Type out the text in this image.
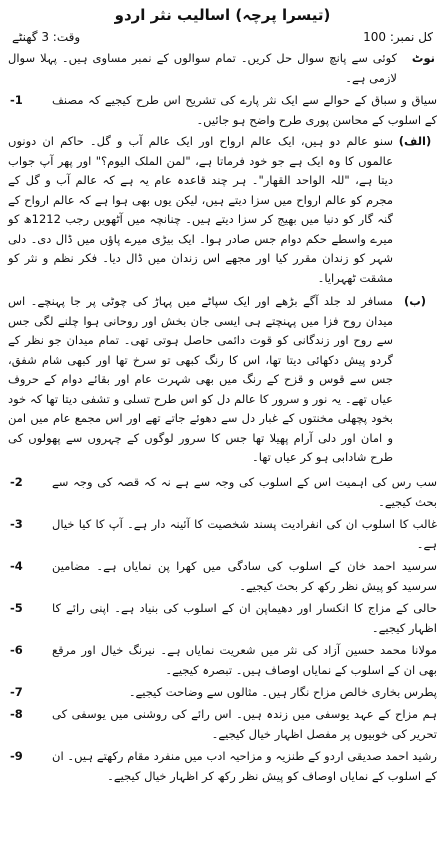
(تیسرا پرچہ) اسالیب نثر اردو
کل نمبر: 100
وقت: 3 گھنٹے
نوٹ
کوئی سے پانچ سوال حل کریں۔ تمام سوالوں کے نمبر مساوی ہیں۔ پہلا سوال لازمی ہے۔
سیاق و سباق کے حوالے سے ایک نثر پارے کی تشریح اس طرح کیجیے کہ مصنف کے اسلوب کے محاسن پوری طرح واضح ہو جائیں۔
-1
(الف)
سنو عالم دو ہیں، ایک عالم ارواح اور ایک عالم آب و گل۔ حاکم ان دونوں عالموں کا وہ ایک ہے جو خود فرماتا ہے، "لمن الملک الیوم؟" اور پھر آپ جواب دیتا ہے، "للہ الواحد القھار"۔ ہر چند قاعدہ عام یہ ہے کہ عالم آب و گل کے مجرم کو عالم ارواح میں سزا دیتے ہیں، لیکن یوں بھی ہوا ہے کہ عالم ارواح کے گنہ گار کو دنیا میں بھیج کر سزا دیتے ہیں۔ چنانچہ میں آٹھویں رجب 1212ھ کو میرے واسطے حکم دوام جس صادر ہوا۔ ایک بیڑی میرے پاؤں میں ڈال دی۔ دلی شہر کو زندان مقرر کیا اور مجھے اس زندان میں ڈال دیا۔ فکر نظم و نثر کو مشقت ٹھہرایا۔
(ب)
مسافر لد جلد آگے بڑھے اور ایک سپاٹے میں پہاڑ کی چوٹی پر جا پہنچے۔ اس میدان روح فزا میں پہنچتے ہی ایسی جان بخش اور روحانی ہوا چلنے لگی جس سے روح اور زندگانی کو قوت دائمی حاصل ہوتی تھی۔ تمام میدان جو نظر کے گردو پیش دکھائی دیتا تھا، اس کا رنگ کبھی تو سرخ تھا اور کبھی شام شفق، جس سے قوس و قزح کے رنگ میں بھی شہرت عام اور بقائے دوام کے حروف عیاں تھے۔ یہ نور و سرور کا عالم دل کو اس طرح تسلی و تشفی دیتا تھا کہ خود بخود پچھلی مخنتوں کے غبار دل سے دھوئے جاتے تھے اور اس مجمع عام میں امن و امان اور دلی آرام پھیلا تھا جس کا سرور لوگوں کے چہروں سے پھولوں کی طرح شادابی ہو کر عیاں تھا۔
سب رس کی اہمیت اس کے اسلوب کی وجہ سے ہے نہ کہ قصہ کی وجہ سے بحث کیجیے۔
-2
غالب کا اسلوب ان کی انفرادیت پسند شخصیت کا آئینہ دار ہے۔ آپ کا کیا خیال ہے۔
-3
سرسید احمد خان کے اسلوب کی سادگی میں کھرا پن نمایاں ہے۔ مضامین سرسید کو پیش نظر رکھ کر بحث کیجیے۔
-4
حالی کے مزاج کا انکسار اور دھیماپن ان کے اسلوب کی بنیاد ہے۔ اپنی رائے کا اظہار کیجیے۔
-5
مولانا محمد حسین آزاد کی نثر میں شعریت نمایاں ہے۔ نیرنگ خیال اور مرقع بھی ان کے اسلوب کے نمایاں اوصاف ہیں۔ تبصرہ کیجیے۔
-6
پطرس بخاری خالص مزاح نگار ہیں۔ مثالوں سے وضاحت کیجیے۔
-7
ہم مزاح کے عہد یوسفی میں زندہ ہیں۔ اس رائے کی روشنی میں یوسفی کی تحریر کی خوبیوں پر مفصل اظہار خیال کیجیے۔
-8
رشید احمد صدیقی اردو کے طنزیہ و مزاحیہ ادب میں منفرد مقام رکھتے ہیں۔ ان کے اسلوب کے نمایاں اوصاف کو پیش نظر رکھ کر اظہار خیال کیجیے۔
-9
